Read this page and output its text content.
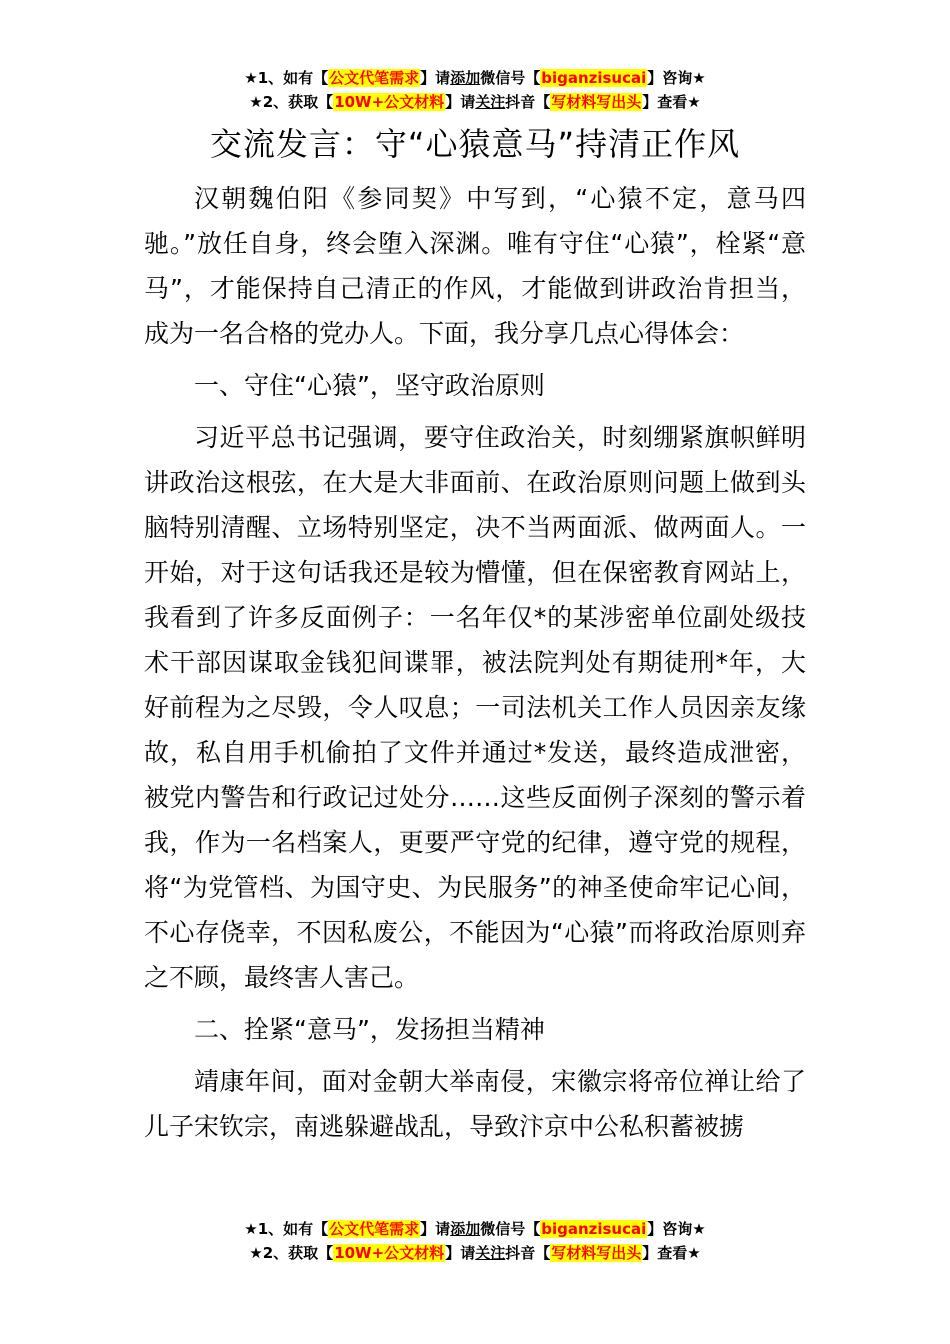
★1、如有【公文代笔需求】请添加微信号【biganzisucai】咨询★
★2、获取【10W+公文材料】请关注抖音【写材料写出头】查看★
交流发言：守“心猿意马”持清正作风

汉朝魏伯阳《参同契》中写到，“心猿不定，意马四驰。”放任自身，终会堕入深渊。唯有守住“心猿”，栓紧“意马”，才能保持自己清正的作风，才能做到讲政治肯担当，成为一名合格的党办人。下面，我分享几点心得体会：

一、守住“心猿”，坚守政治原则

习近平总书记强调，要守住政治关，时刻绷紧旗帜鲜明讲政治这根弦，在大是大非面前、在政治原则问题上做到头脑特别清醒、立场特别坚定，决不当两面派、做两面人。一开始，对于这句话我还是较为懵懂，但在保密教育网站上，我看到了许多反面例子：一名年仅*的某涉密单位副处级技术干部因谋取金钱犯间谍罪，被法院判处有期徒刑*年，大好前程为之尽毁，令人叹息；一司法机关工作人员因亲友缘故，私自用手机偷拍了文件并通过*发送，最终造成泄密，被党内警告和行政记过处分……这些反面例子深刻的警示着我，作为一名档案人，更要严守党的纪律，遵守党的规程，将“为党管档、为国守史、为民服务”的神圣使命牢记心间，不心存侥幸，不因私废公，不能因为“心猿”而将政治原则弃之不顾，最终害人害己。

二、拴紧“意马”，发扬担当精神

靖康年间，面对金朝大举南侵，宋徽宗将帝位禅让给了儿子宋钦宗，南逃躲避战乱，导致汴京中公私积蓄被掳

★1、如有【公文代笔需求】请添加微信号【biganzisucai】咨询★
★2、获取【10W+公文材料】请关注抖音【写材料写出头】查看★
